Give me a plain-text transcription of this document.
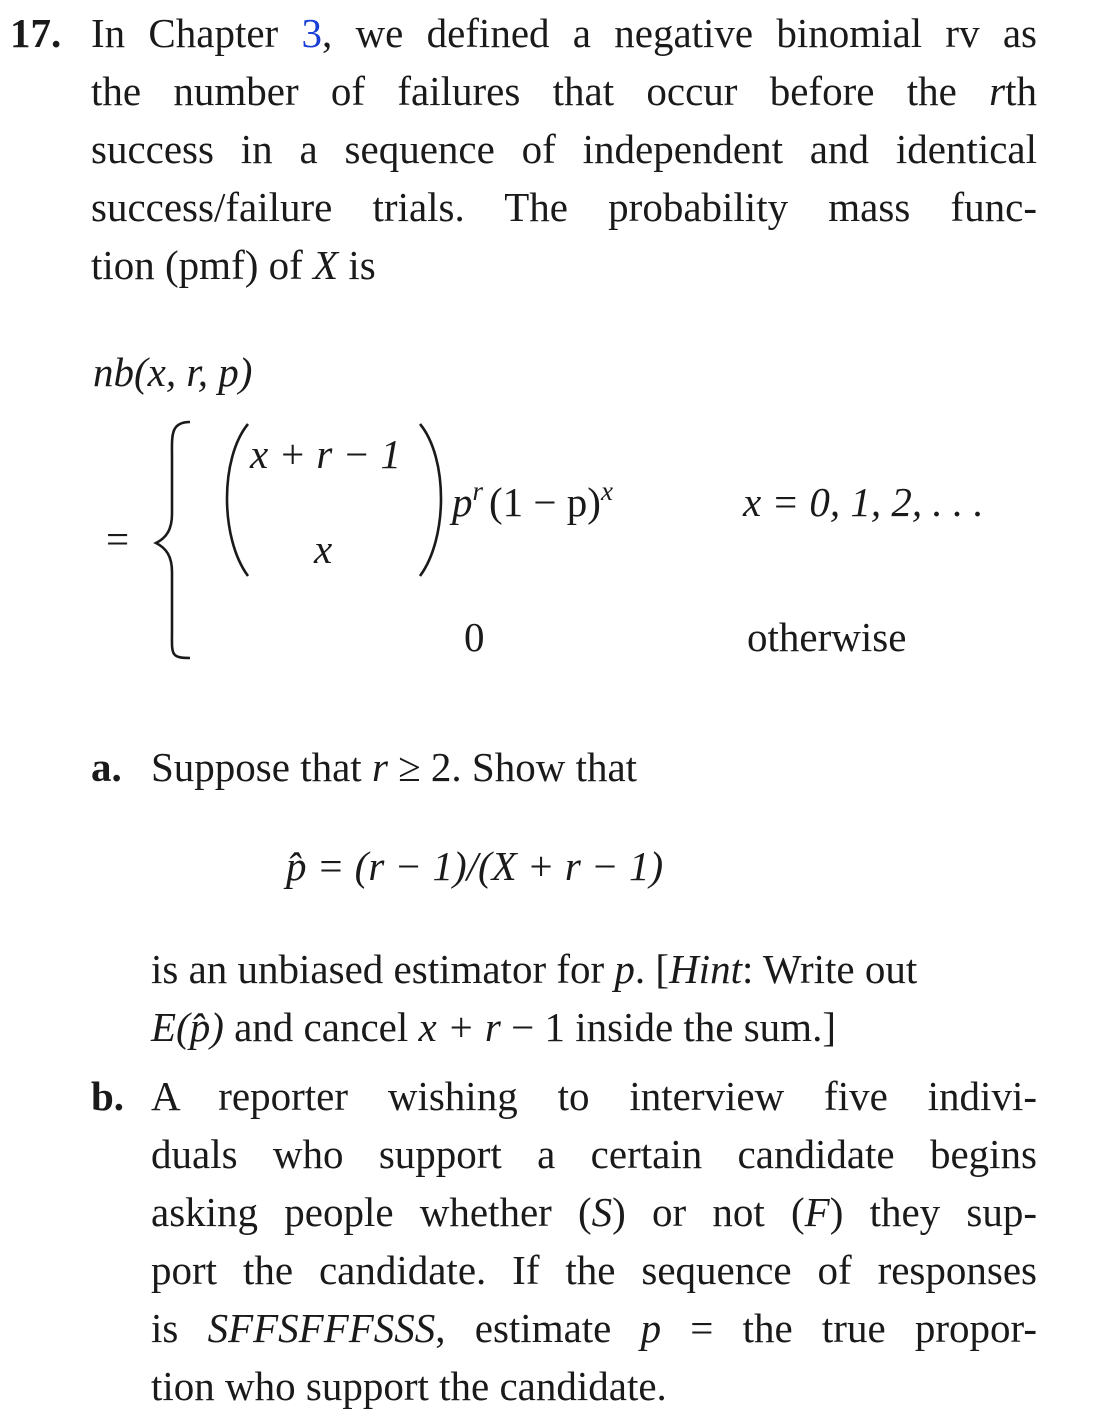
17. In Chapter 3, we defined a negative binomial rv as
the number of failures that occur before the rth
success in a sequence of independent and identical
success/failure trials. The probability mass func-
tion (pmf) of X is
nb(x, r, p)
=
x + r − 1
x
$p^r$ $(1 - p)^x$	x = 0, 1, 2, . . .
0	otherwise
a. Suppose that r ≥ 2. Show that
p̂ = (r − 1)/(X + r − 1)
is an unbiased estimator for p. [Hint: Write out
E(p̂) and cancel x + r − 1 inside the sum.]
b. A reporter wishing to interview five indivi-
duals who support a certain candidate begins
asking people whether (S) or not (F) they sup-
port the candidate. If the sequence of responses
is SFFSFFFSSS, estimate p = the true propor-
tion who support the candidate.
